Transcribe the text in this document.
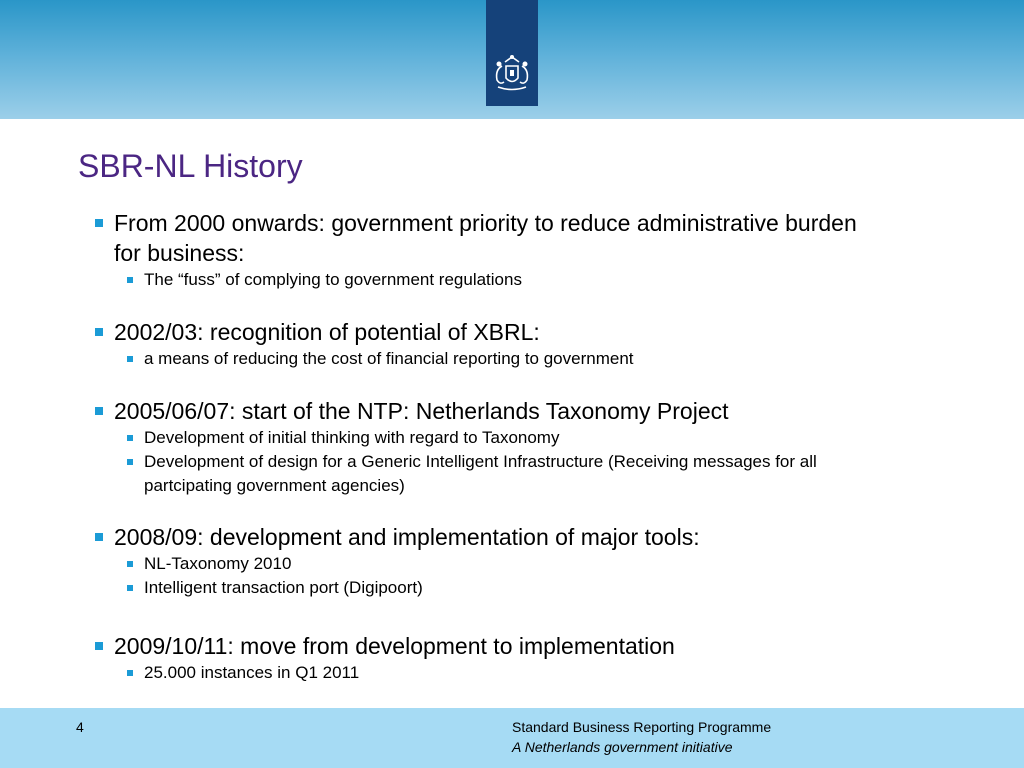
SBR-NL History
From 2000 onwards: government priority to reduce administrative burden
for business:
The “fuss” of complying to government regulations
2002/03: recognition of potential of XBRL:
a means of reducing the cost of financial reporting to government
2005/06/07: start of the NTP: Netherlands Taxonomy Project
Development of initial thinking with regard to Taxonomy
Development of design for a Generic Intelligent Infrastructure (Receiving messages for all
partcipating government agencies)
2008/09: development and implementation of major tools:
NL-Taxonomy 2010
Intelligent transaction port (Digipoort)
2009/10/11: move from development to implementation
25.000 instances in Q1 2011
4	Standard Business Reporting Programme
A Netherlands government initiative
